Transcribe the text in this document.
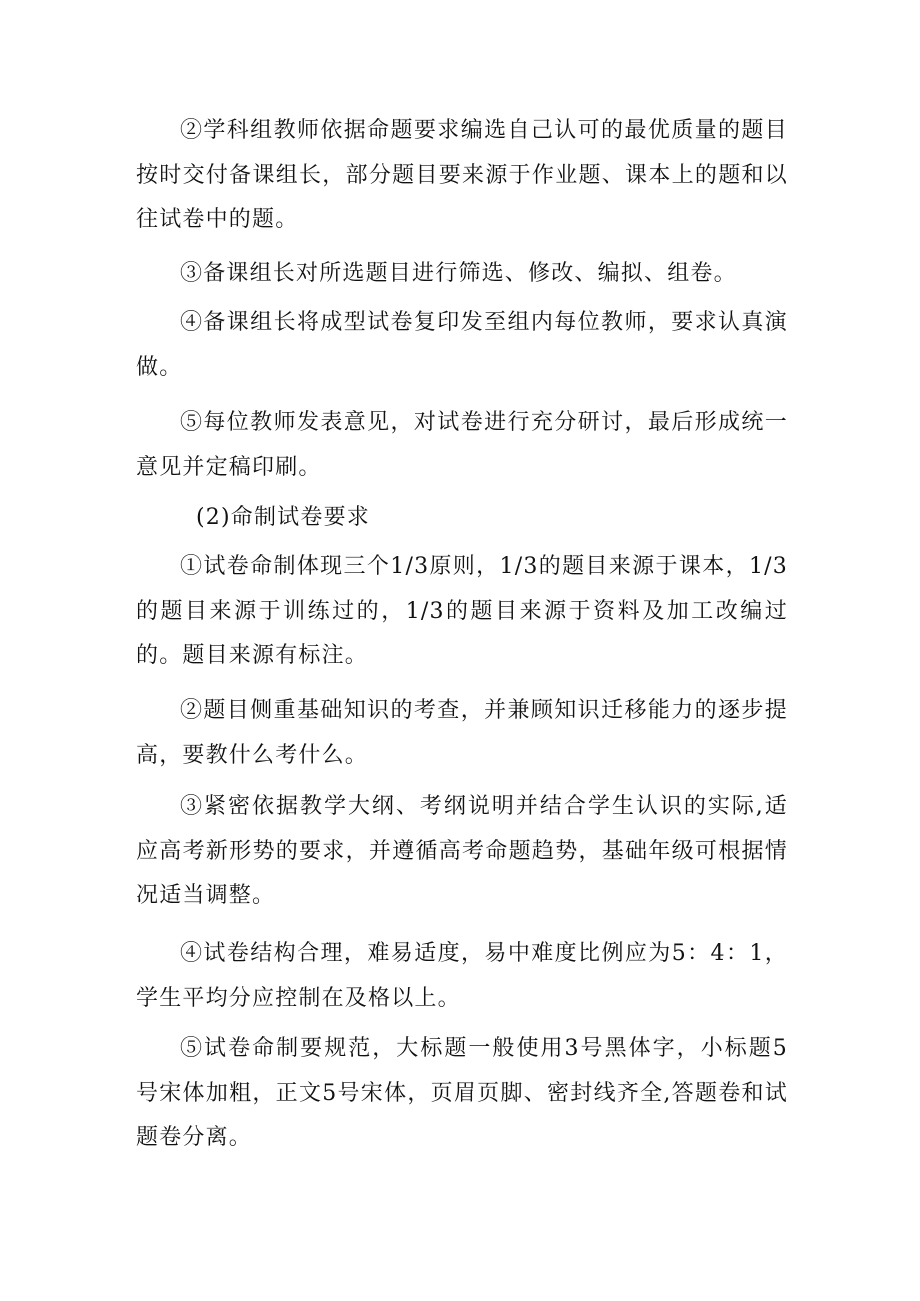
②学科组教师依据命题要求编选自己认可的最优质量的题目按时交付备课组长，部分题目要来源于作业题、课本上的题和以往试卷中的题。

③备课组长对所选题目进行筛选、修改、编拟、组卷。

④备课组长将成型试卷复印发至组内每位教师，要求认真演做。

⑤每位教师发表意见，对试卷进行充分研讨，最后形成统一意见并定稿印刷。

(2)命制试卷要求

①试卷命制体现三个1/3原则，1/3的题目来源于课本，1/3的题目来源于训练过的，1/3的题目来源于资料及加工改编过的。题目来源有标注。

②题目侧重基础知识的考查，并兼顾知识迁移能力的逐步提高，要教什么考什么。

③紧密依据教学大纲、考纲说明并结合学生认识的实际,适应高考新形势的要求，并遵循高考命题趋势，基础年级可根据情况适当调整。

④试卷结构合理，难易适度，易中难度比例应为5：4：1，学生平均分应控制在及格以上。

⑤试卷命制要规范，大标题一般使用3号黑体字，小标题5号宋体加粗，正文5号宋体，页眉页脚、密封线齐全,答题卷和试题卷分离。
